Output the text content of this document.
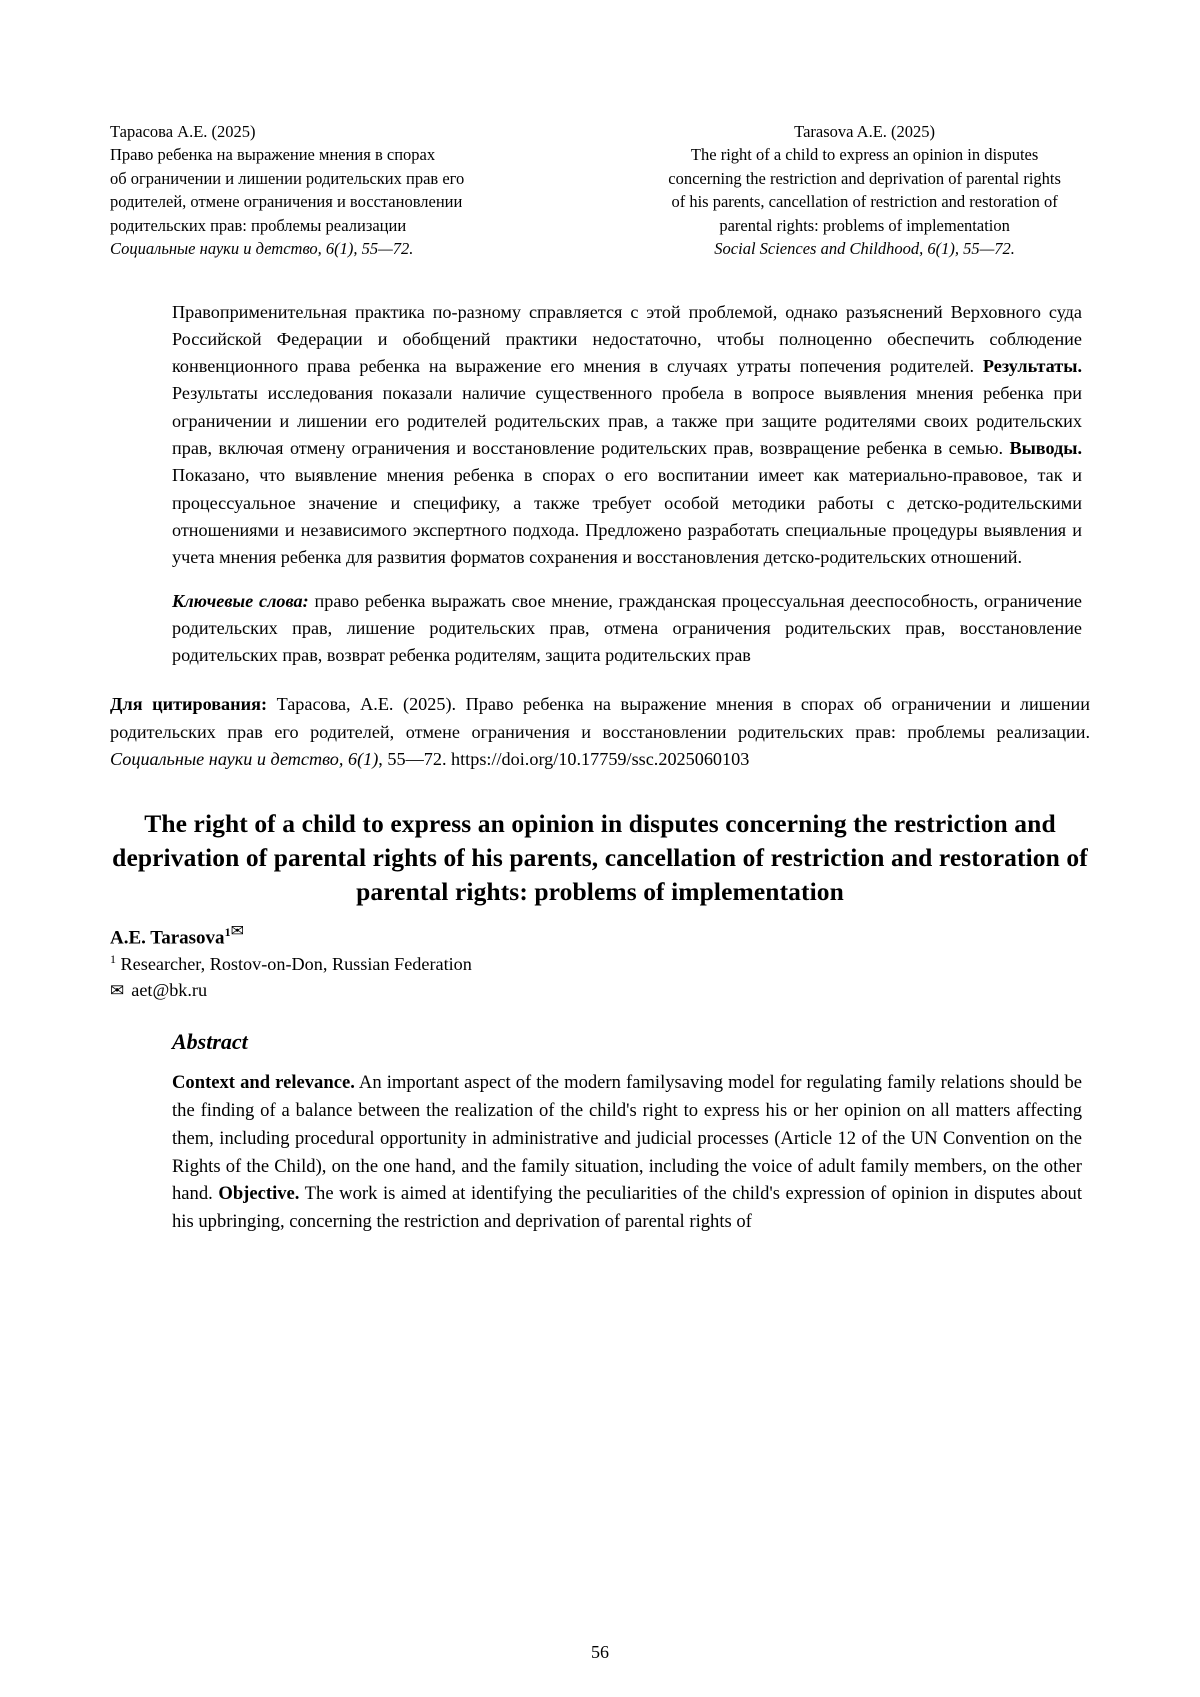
Тарасова А.Е. (2025)
Право ребенка на выражение мнения в спорах
об ограничении и лишении родительских прав его
родителей, отмене ограничения и восстановлении
родительских прав: проблемы реализации
Социальные науки и детство, 6(1), 55—72.
Tarasova A.E. (2025)
The right of a child to express an opinion in disputes
concerning the restriction and deprivation of parental rights
of his parents, cancellation of restriction and restoration of
parental rights: problems of implementation
Social Sciences and Childhood, 6(1), 55—72.

Правоприменительная практика по-разному справляется с этой проблемой, однако разъяснений Верховного суда Российской Федерации и обобщений практики недостаточно, чтобы полноценно обеспечить соблюдение конвенционного права ребенка на выражение его мнения в случаях утраты попечения родителей. Результаты. Результаты исследования показали наличие существенного пробела в вопросе выявления мнения ребенка при ограничении и лишении его родителей родительских прав, а также при защите родителями своих родительских прав, включая отмену ограничения и восстановление родительских прав, возвращение ребенка в семью. Выводы. Показано, что выявление мнения ребенка в спорах о его воспитании имеет как материально-правовое, так и процессуальное значение и специфику, а также требует особой методики работы с детско-родительскими отношениями и независимого экспертного подхода. Предложено разработать специальные процедуры выявления и учета мнения ребенка для развития форматов сохранения и восстановления детско-родительских отношений.

Ключевые слова: право ребенка выражать свое мнение, гражданская процессуальная дееспособность, ограничение родительских прав, лишение родительских прав, отмена ограничения родительских прав, восстановление родительских прав, возврат ребенка родителям, защита родительских прав

Для цитирования: Тарасова, А.Е. (2025). Право ребенка на выражение мнения в спорах об ограничении и лишении родительских прав его родителей, отмене ограничения и восстановлении родительских прав: проблемы реализации. Социальные науки и детство, 6(1), 55—72. https://doi.org/10.17759/ssc.2025060103
The right of a child to express an opinion in disputes concerning the restriction and deprivation of parental rights of his parents, cancellation of restriction and restoration of parental rights: problems of implementation
A.E. Tarasova$^1$✉
$^1$ Researcher, Rostov-on-Don, Russian Federation
✉ aet@bk.ru
Abstract

Context and relevance. An important aspect of the modern familysaving model for regulating family relations should be the finding of a balance between the realization of the child's right to express his or her opinion on all matters affecting them, including procedural opportunity in administrative and judicial processes (Article 12 of the UN Convention on the Rights of the Child), on the one hand, and the family situation, including the voice of adult family members, on the other hand. Objective. The work is aimed at identifying the peculiarities of the child's expression of opinion in disputes about his upbringing, concerning the restriction and deprivation of parental rights of

56
